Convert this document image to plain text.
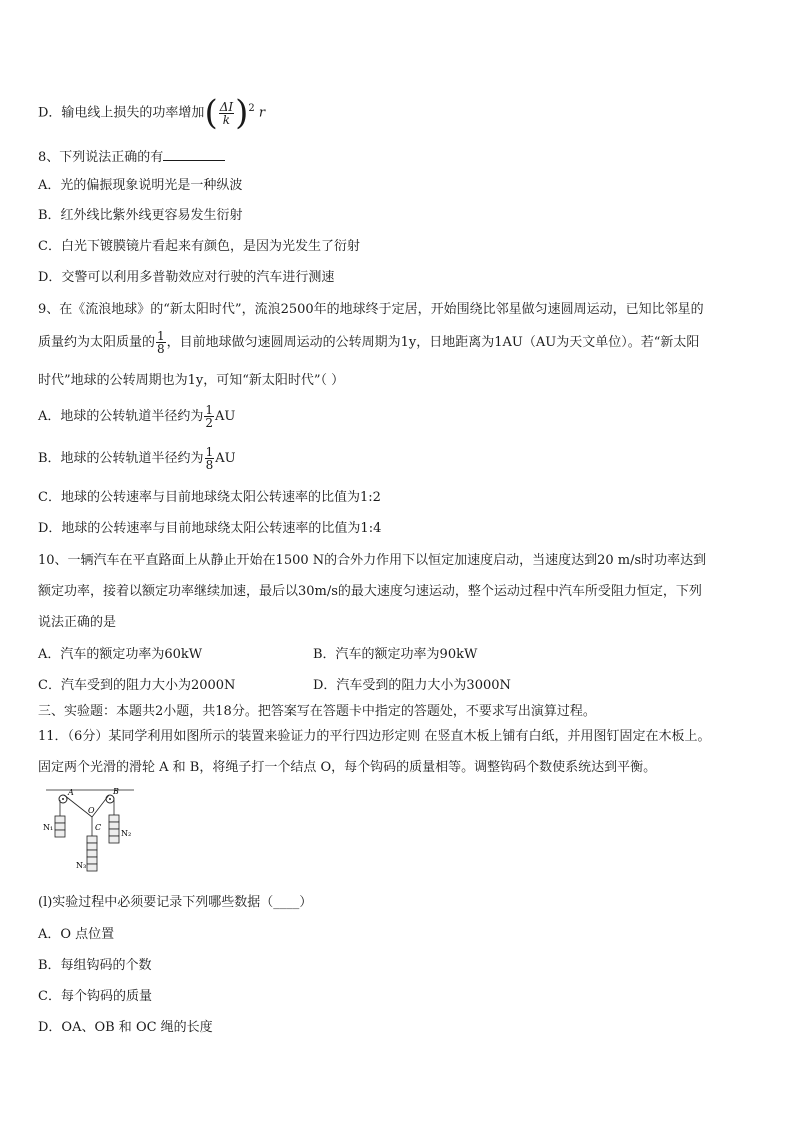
D．输电线上损失的功率增加( $\frac{\Delta I}{k} )^2$ r
8、下列说法正确的有
A．光的偏振现象说明光是一种纵波
B．红外线比紫外线更容易发生衍射
C．白光下镀膜镜片看起来有颜色，是因为光发生了衍射
D．交警可以利用多普勒效应对行驶的汽车进行测速
9、在《流浪地球》的“新太阳时代”，流浪2500年的地球终于定居，开始围绕比邻星做匀速圆周运动，已知比邻星的
质量约为太阳质量的 $\frac{1}{8}$ ，目前地球做匀速圆周运动的公转周期为1y，日地距离为1AU（AU为天文单位）。若“新太阳
时代”地球的公转周期也为1y，可知“新太阳时代”（ ）
A．地球的公转轨道半径约为 $\frac{1}{2}$ AU
B．地球的公转轨道半径约为 $\frac{1}{8}$ AU
C．地球的公转速率与目前地球绕太阳公转速率的比值为1:2
D．地球的公转速率与目前地球绕太阳公转速率的比值为1:4
10、一辆汽车在平直路面上从静止开始在1500 N的合外力作用下以恒定加速度启动，当速度达到20 m/s时功率达到
额定功率，接着以额定功率继续加速，最后以30m/s的最大速度匀速运动，整个运动过程中汽车所受阻力恒定，下列
说法正确的是
A．汽车的额定功率为60kW	B．汽车的额定功率为90kW
C．汽车受到的阻力大小为2000N	D．汽车受到的阻力大小为3000N
三、实验题：本题共2小题，共18分。把答案写在答题卡中指定的答题处，不要求写出演算过程。
11．（6分）某同学利用如图所示的装置来验证力的平行四边形定则 在竖直木板上铺有白纸，并用图钉固定在木板上。
固定两个光滑的滑轮 A 和 B，将绳子打一个结点 O，每个钩码的质量相等。调整钩码个数使系统达到平衡。
A
O
B
C
N₁
N₂
N₃
(l)实验过程中必须要记录下列哪些数据（____）
A．O 点位置
B．每组钩码的个数
C．每个钩码的质量
D．OA、OB 和 OC 绳的长度
